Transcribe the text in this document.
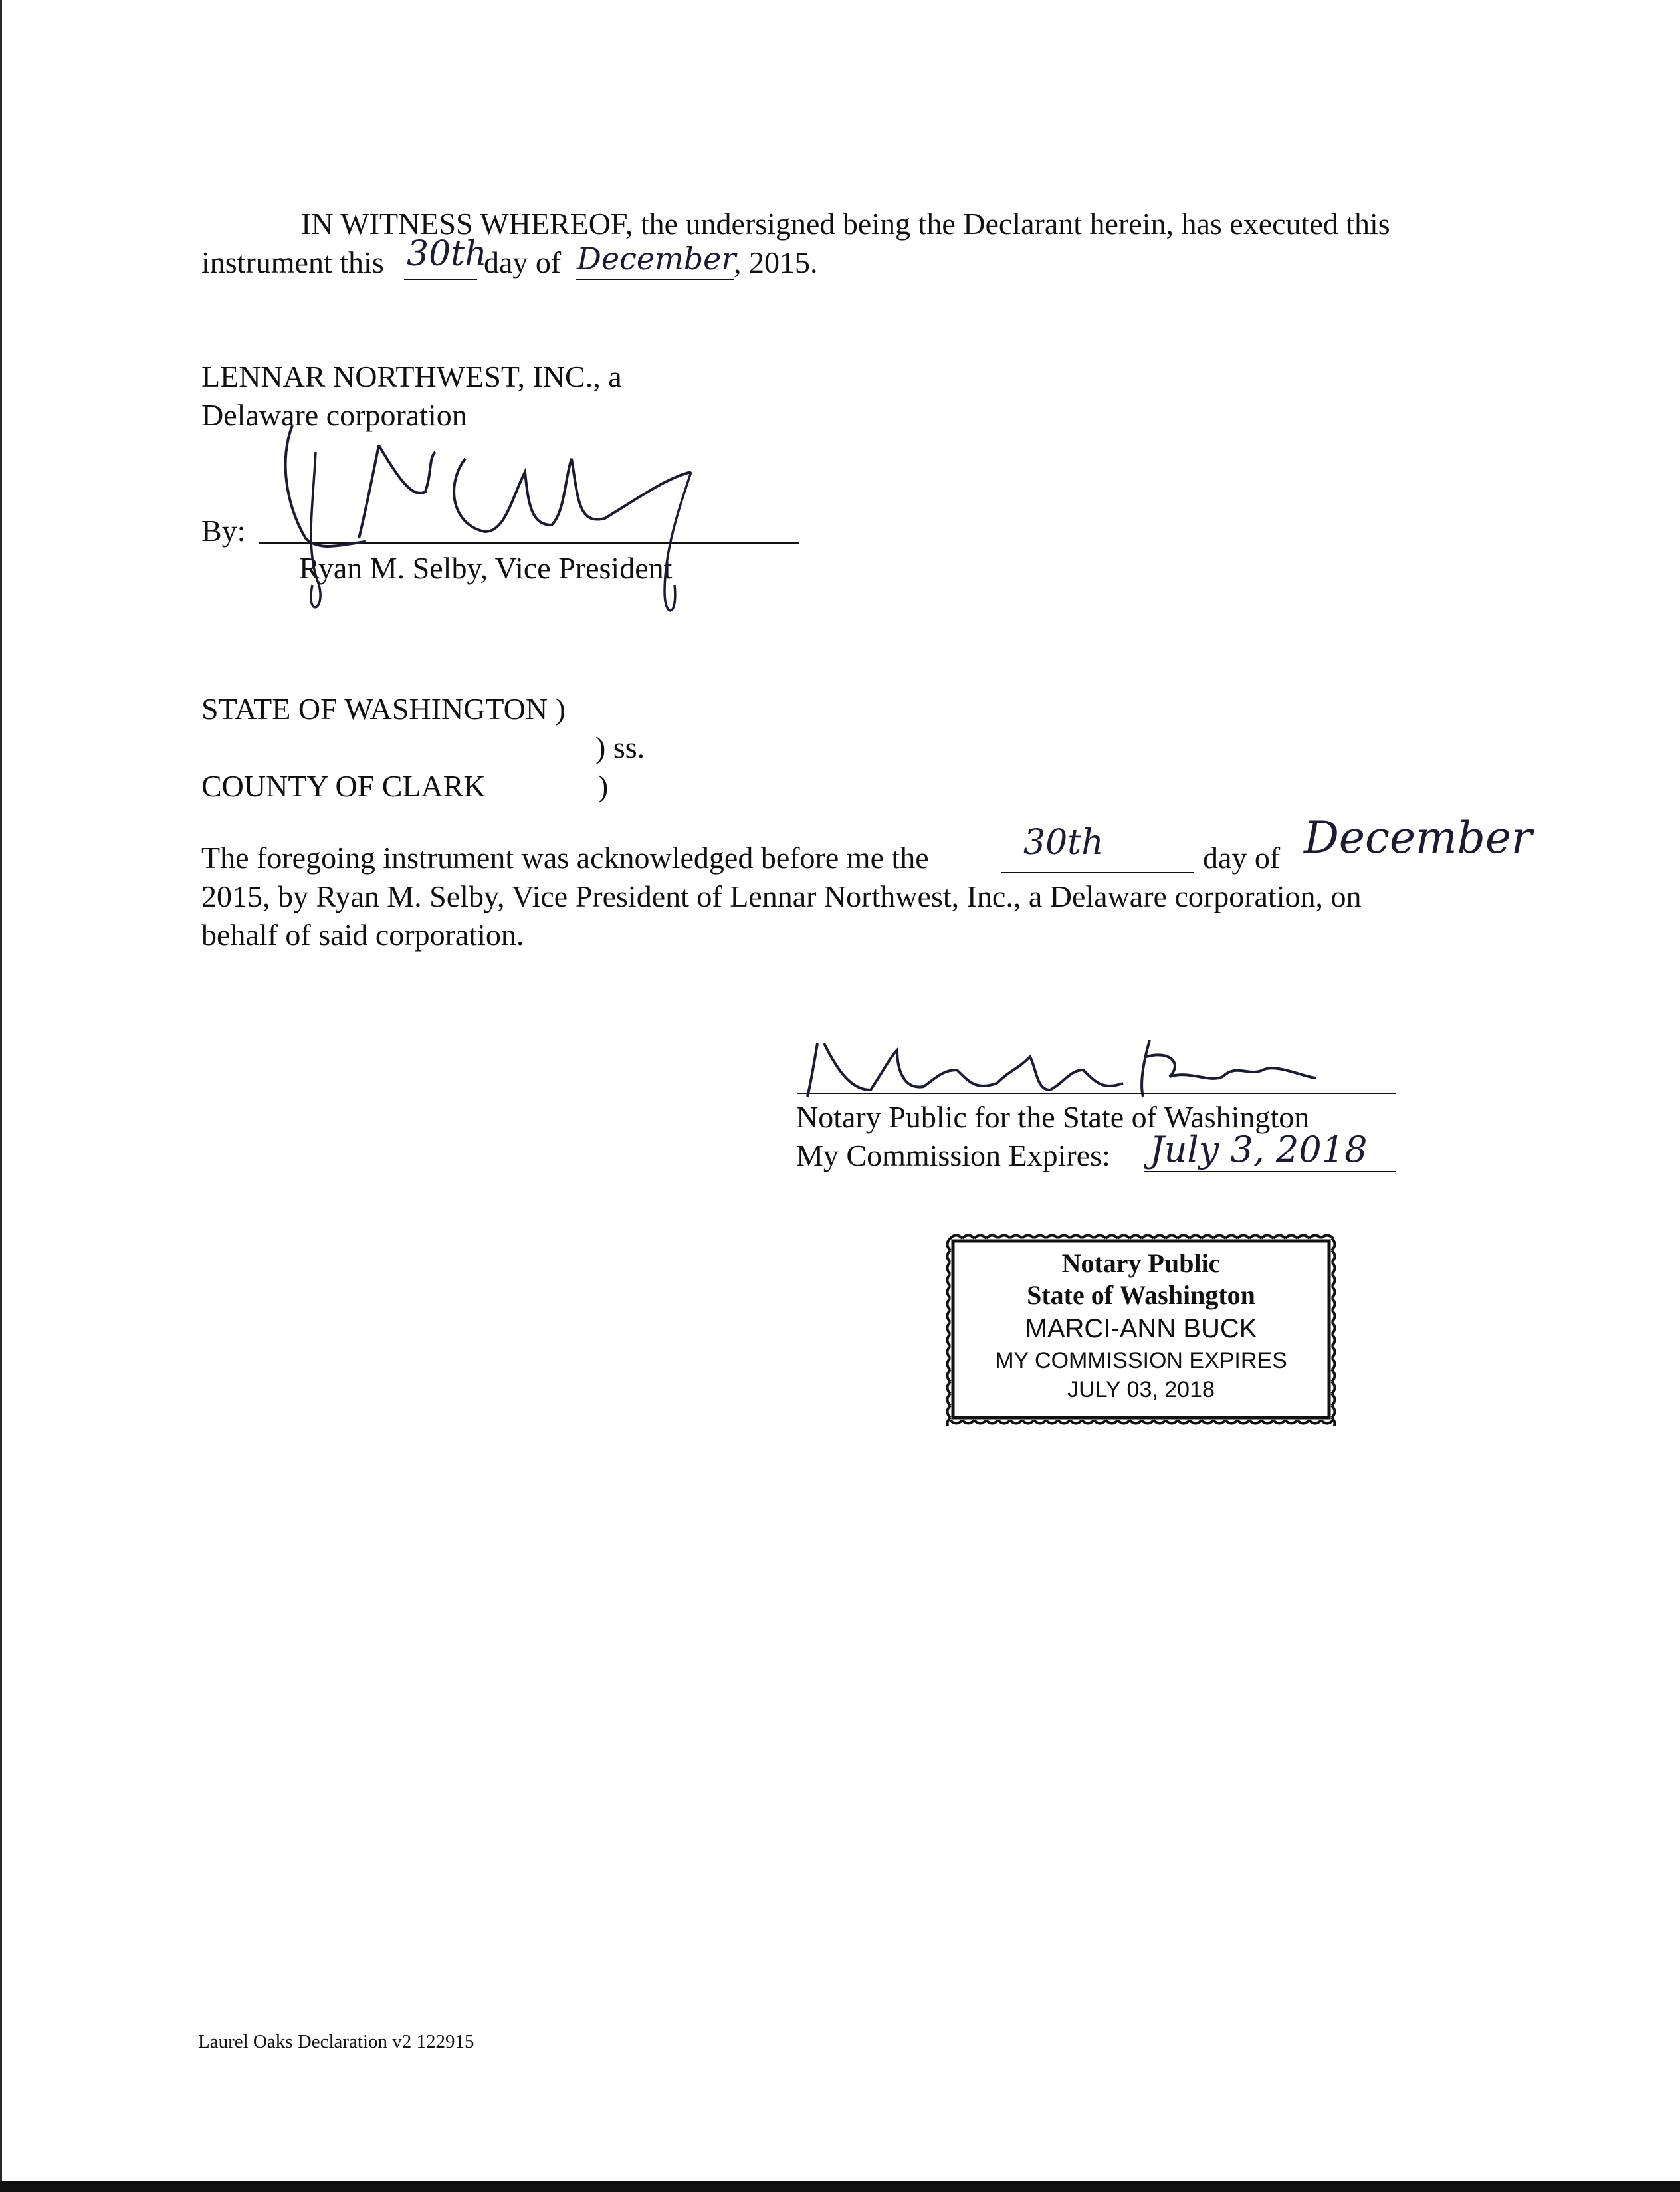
IN WITNESS WHEREOF, the undersigned being the Declarant herein, has executed this
instrument this 30th
day of December
, 2015.
LENNAR NORTHWEST, INC., a
Delaware corporation
By:
Ryan M. Selby, Vice President
STATE OF WASHINGTON )
) ss.
COUNTY OF CLARK	)
The foregoing instrument was acknowledged before me the	30th	day of December
2015, by Ryan M. Selby, Vice President of Lennar Northwest, Inc., a Delaware corporation, on
behalf of said corporation.
Notary Public for the State of Washington
My Commission Expires: July 3, 2018
Notary Public
State of Washington
MARCI-ANN BUCK
MY COMMISSION EXPIRES
JULY 03, 2018
Laurel Oaks Declaration v2 122915
